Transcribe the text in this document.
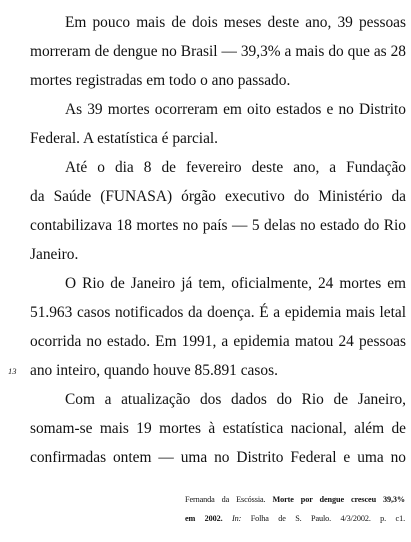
Em pouco mais de dois meses deste ano, 39 pessoas
morreram de dengue no Brasil — 39,3% a mais do que as 28
mortes registradas em todo o ano passado.
As 39 mortes ocorreram em oito estados e no Distrito
Federal. A estatística é parcial.
Até o dia 8 de fevereiro deste ano, a Fundação
da Saúde (FUNASA) órgão executivo do Ministério da
contabilizava 18 mortes no país — 5 delas no estado do Rio
Janeiro.
O Rio de Janeiro já tem, oficialmente, 24 mortes em
51.963 casos notificados da doença. É a epidemia mais letal
ocorrida no estado. Em 1991, a epidemia matou 24 pessoas
13 ano inteiro, quando houve 85.891 casos.
Com a atualização dos dados do Rio de Janeiro,
somam-se mais 19 mortes à estatística nacional, além de
confirmadas ontem — uma no Distrito Federal e uma no
Fernanda da Escóssia. Morte por dengue cresceu 39,3%
em 2002. In: Folha de S. Paulo. 4/3/2002. p. c1.
